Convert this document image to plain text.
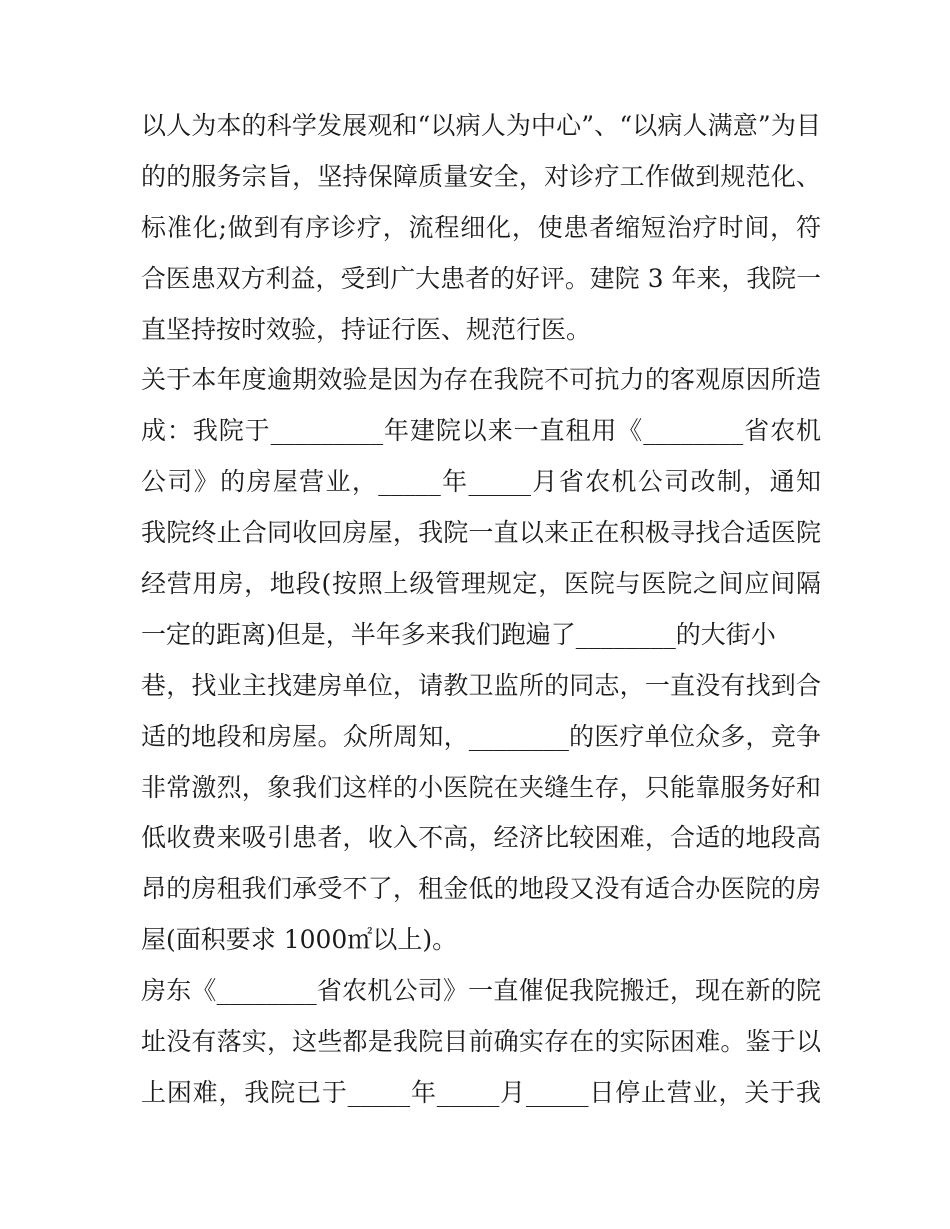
以人为本的科学发展观和“以病人为中心”、“以病人满意”为目
的的服务宗旨，坚持保障质量安全，对诊疗工作做到规范化、
标准化;做到有序诊疗，流程细化，使患者缩短治疗时间，符
合医患双方利益，受到广大患者的好评。建院 3 年来，我院一
直坚持按时效验，持证行医、规范行医。
关于本年度逾期效验是因为存在我院不可抗力的客观原因所造
成：我院于_________年建院以来一直租用《________省农机
公司》的房屋营业，_____年_____月省农机公司改制，通知
我院终止合同收回房屋，我院一直以来正在积极寻找合适医院
经营用房，地段(按照上级管理规定，医院与医院之间应间隔
一定的距离)但是，半年多来我们跑遍了________的大街小
巷，找业主找建房单位，请教卫监所的同志，一直没有找到合
适的地段和房屋。众所周知，________的医疗单位众多，竞争
非常激烈，象我们这样的小医院在夹缝生存，只能靠服务好和
低收费来吸引患者，收入不高，经济比较困难，合适的地段高
昂的房租我们承受不了，租金低的地段又没有适合办医院的房
屋(面积要求 1000㎡以上)。
房东《________省农机公司》一直催促我院搬迁，现在新的院
址没有落实，这些都是我院目前确实存在的实际困难。鉴于以
上困难，我院已于_____年_____月_____日停止营业，关于我
